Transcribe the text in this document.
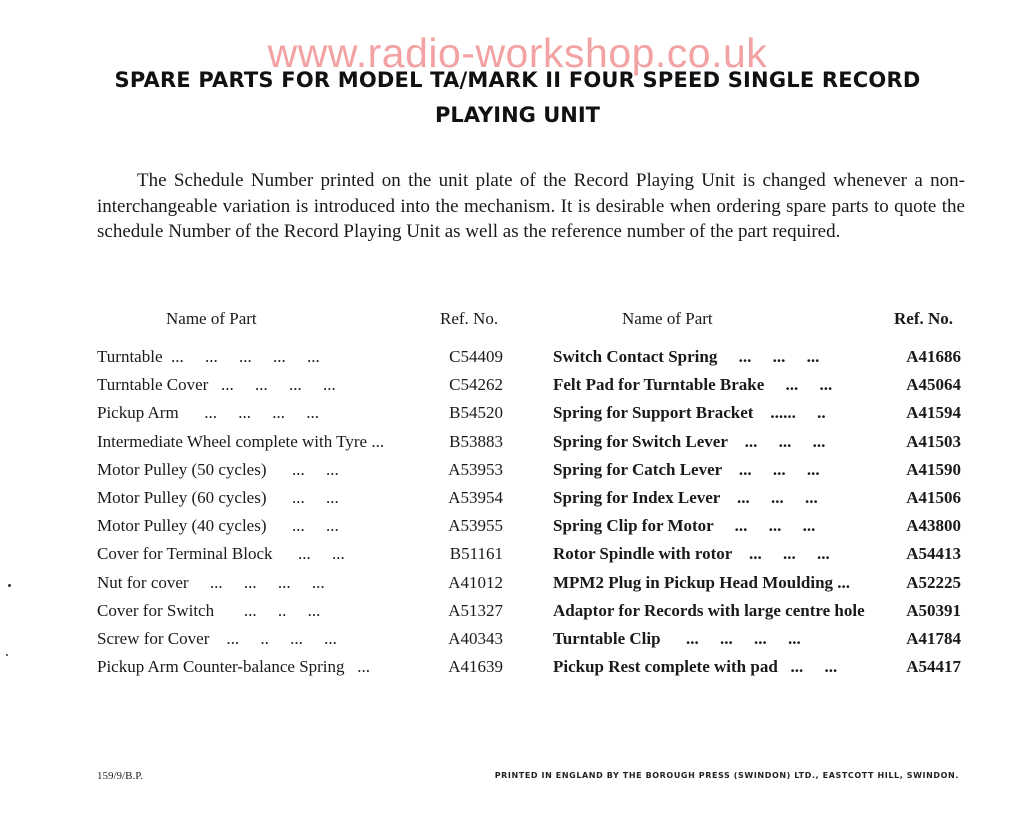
www.radio-workshop.co.uk
SPARE PARTS FOR MODEL TA/MARK II FOUR SPEED SINGLE RECORD
PLAYING UNIT

The Schedule Number printed on the unit plate of the Record Playing Unit is changed whenever a non-interchangeable variation is introduced into the mechanism. It is desirable when ordering spare parts to quote the schedule Number of the Record Playing Unit as well as the reference number of the part required.

Name of Part	Ref. No.	Name of Part	Ref. No.
Turntable  ...     ...     ...     ...     ...	C54409
Turntable Cover   ...     ...     ...     ...	C54262
Pickup Arm      ...     ...     ...     ...	B54520
Intermediate Wheel complete with Tyre ...	B53883
Motor Pulley (50 cycles)      ...     ...	A53953
Motor Pulley (60 cycles)      ...     ...	A53954
Motor Pulley (40 cycles)      ...     ...	A53955
Cover for Terminal Block      ...     ...	B51161
Nut for cover     ...     ...     ...     ...	A41012
Cover for Switch       ...     ..     ...	A51327
Screw for Cover    ...     ..     ...     ...	A40343
Pickup Arm Counter-balance Spring   ...	A41639
Switch Contact Spring     ...     ...     ...	A41686
Felt Pad for Turntable Brake     ...     ...	A45064
Spring for Support Bracket    ......     ..	A41594
Spring for Switch Lever    ...     ...     ...	A41503
Spring for Catch Lever    ...     ...     ...	A41590
Spring for Index Lever    ...     ...     ...	A41506
Spring Clip for Motor     ...     ...     ...	A43800
Rotor Spindle with rotor    ...     ...     ...	A54413
MPM2 Plug in Pickup Head Moulding ...	A52225
Adaptor for Records with large centre hole	A50391
Turntable Clip      ...     ...     ...     ...	A41784
Pickup Rest complete with pad   ...     ...	A54417
159/9/B.P.	PRINTED IN ENGLAND BY THE BOROUGH PRESS (SWINDON) LTD., EASTCOTT HILL, SWINDON.
